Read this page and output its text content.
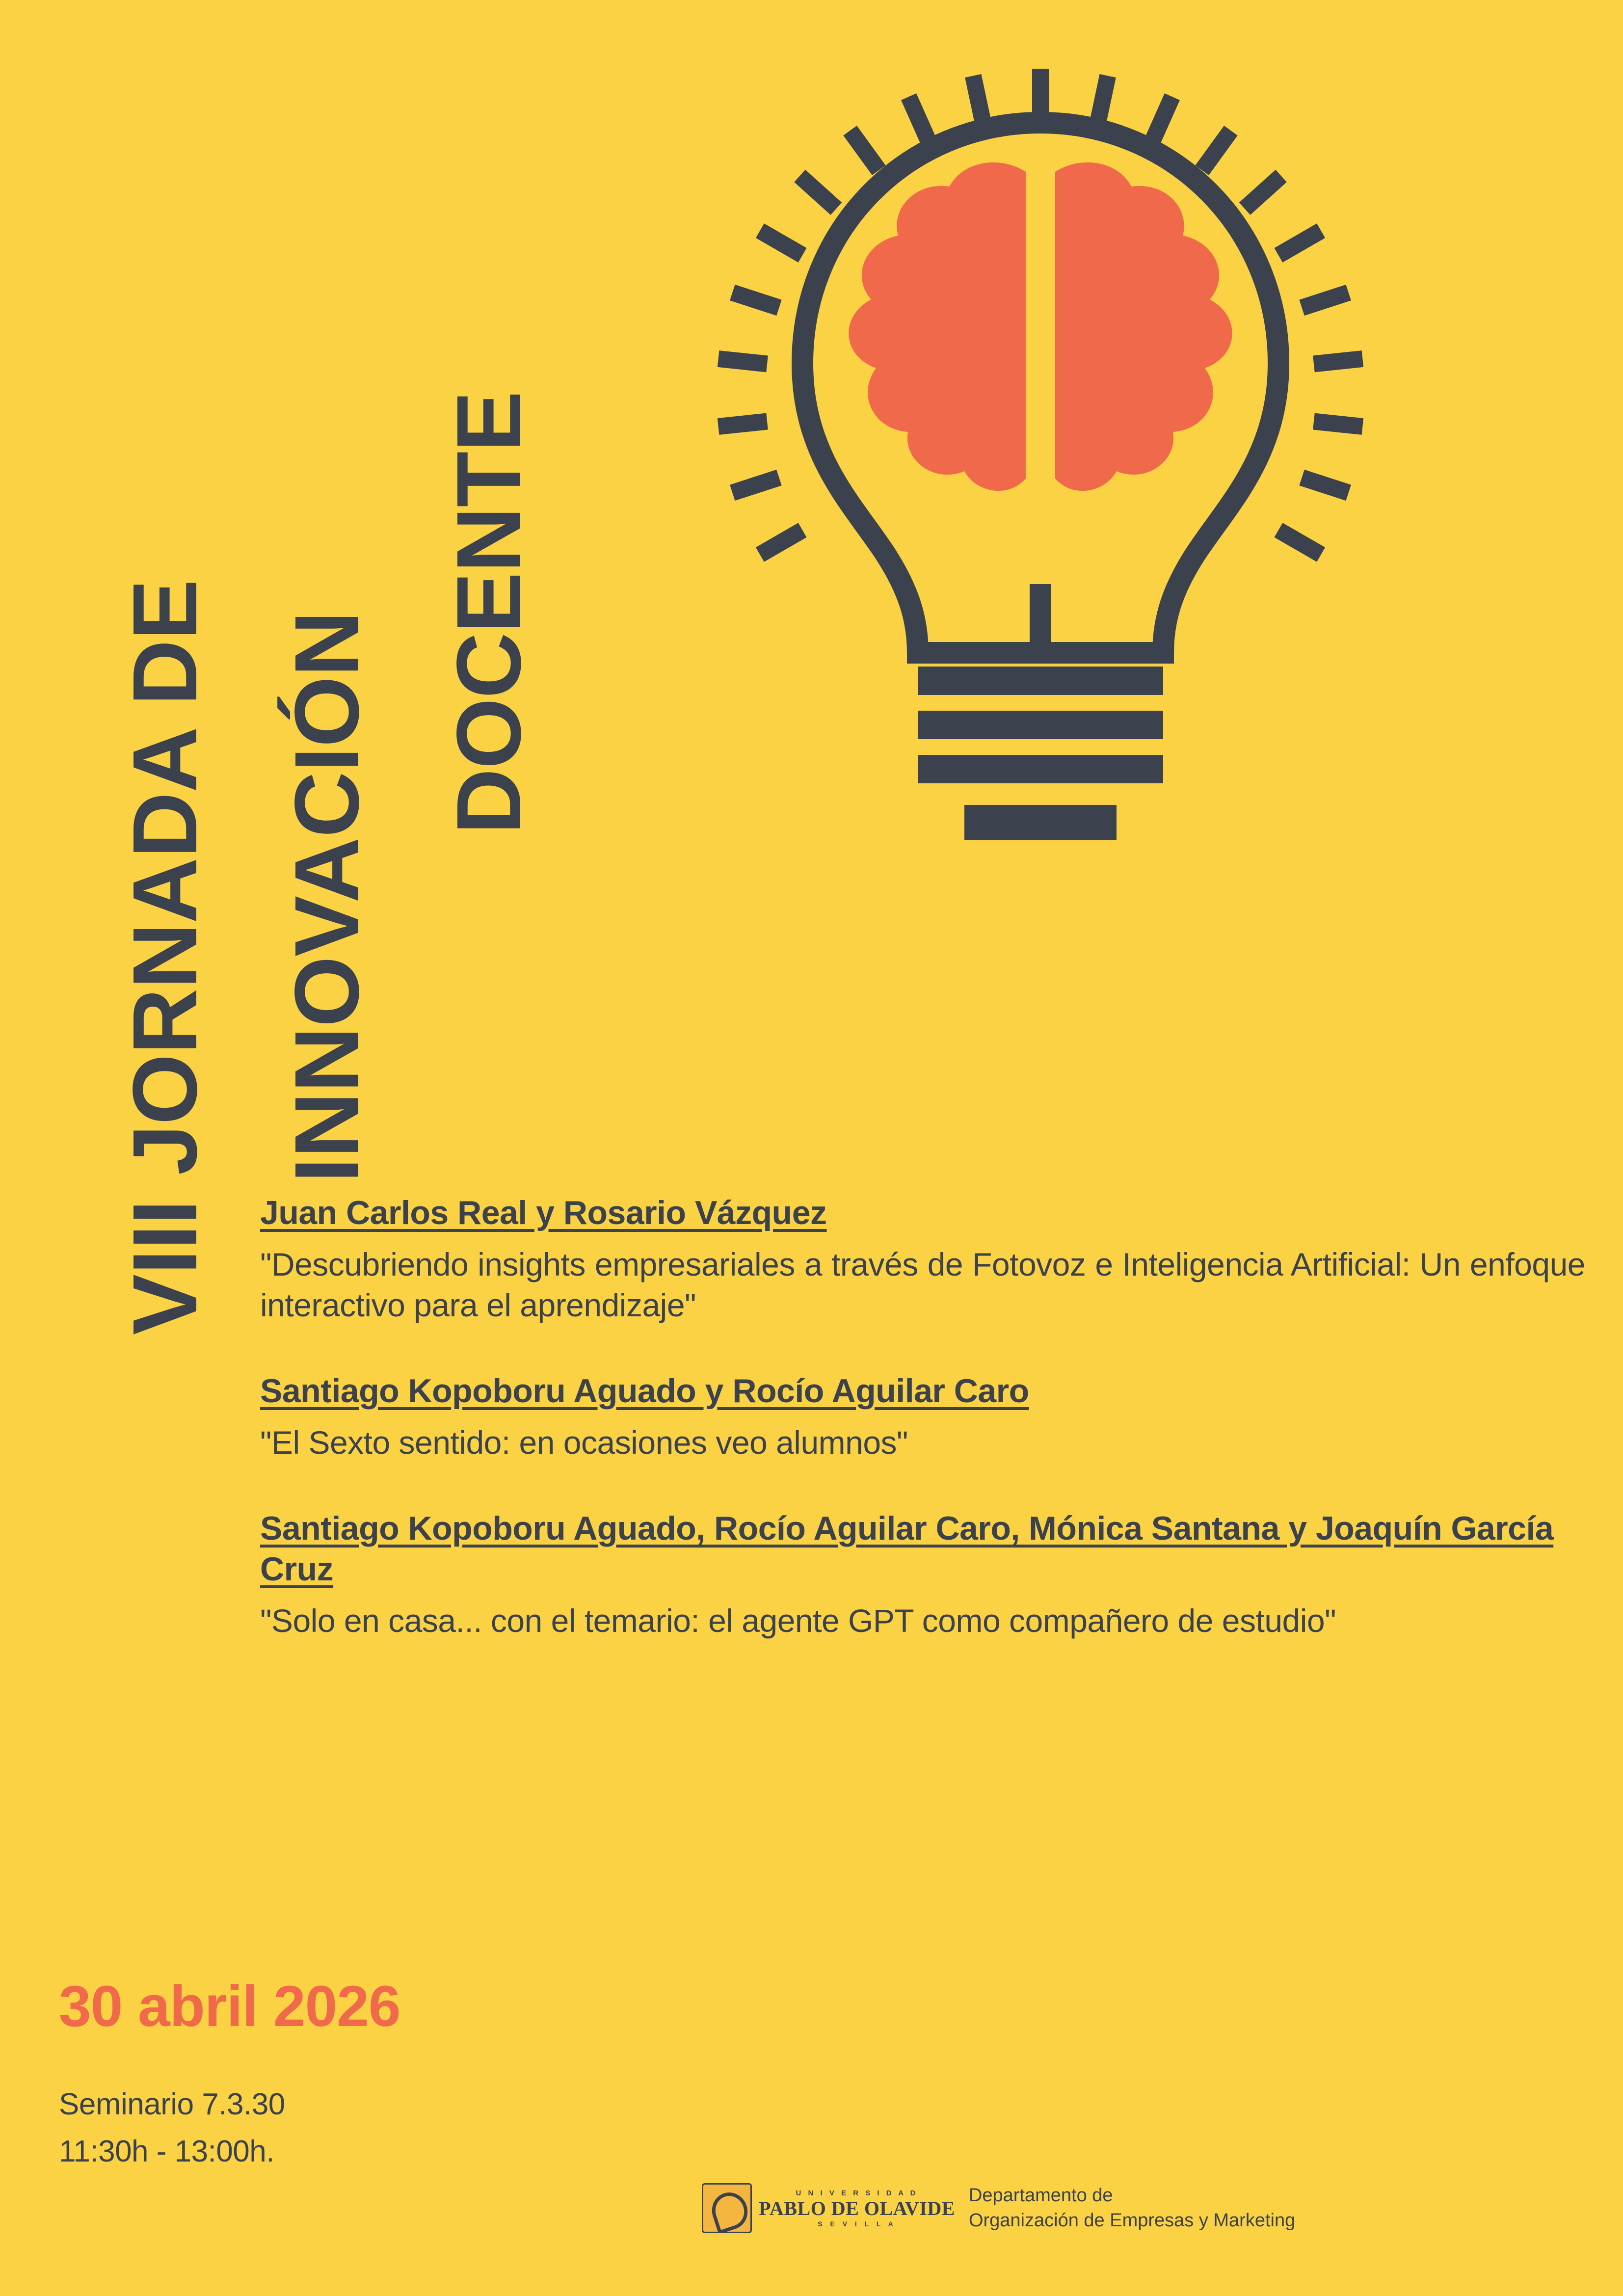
VIII JORNADA DE INNOVACIÓN DOCENTE

Juan Carlos Real y Rosario Vázquez

"Descubriendo insights empresariales a través de Fotovoz e Inteligencia Artificial: Un enfoque interactivo para el aprendizaje"

Santiago Kopoboru Aguado y Rocío Aguilar Caro

"El Sexto sentido: en ocasiones veo alumnos"

Santiago Kopoboru Aguado, Rocío Aguilar Caro, Mónica Santana y Joaquín García Cruz

"Solo en casa... con el temario: el agente GPT como compañero de estudio"

30 abril 2026
Seminario 7.3.30
11:30h - 13:00h.
U N I V E R S I D A D
PABLO DE OLAVIDE
S E V I L L A
Departamento de
Organización de Empresas y Marketing
